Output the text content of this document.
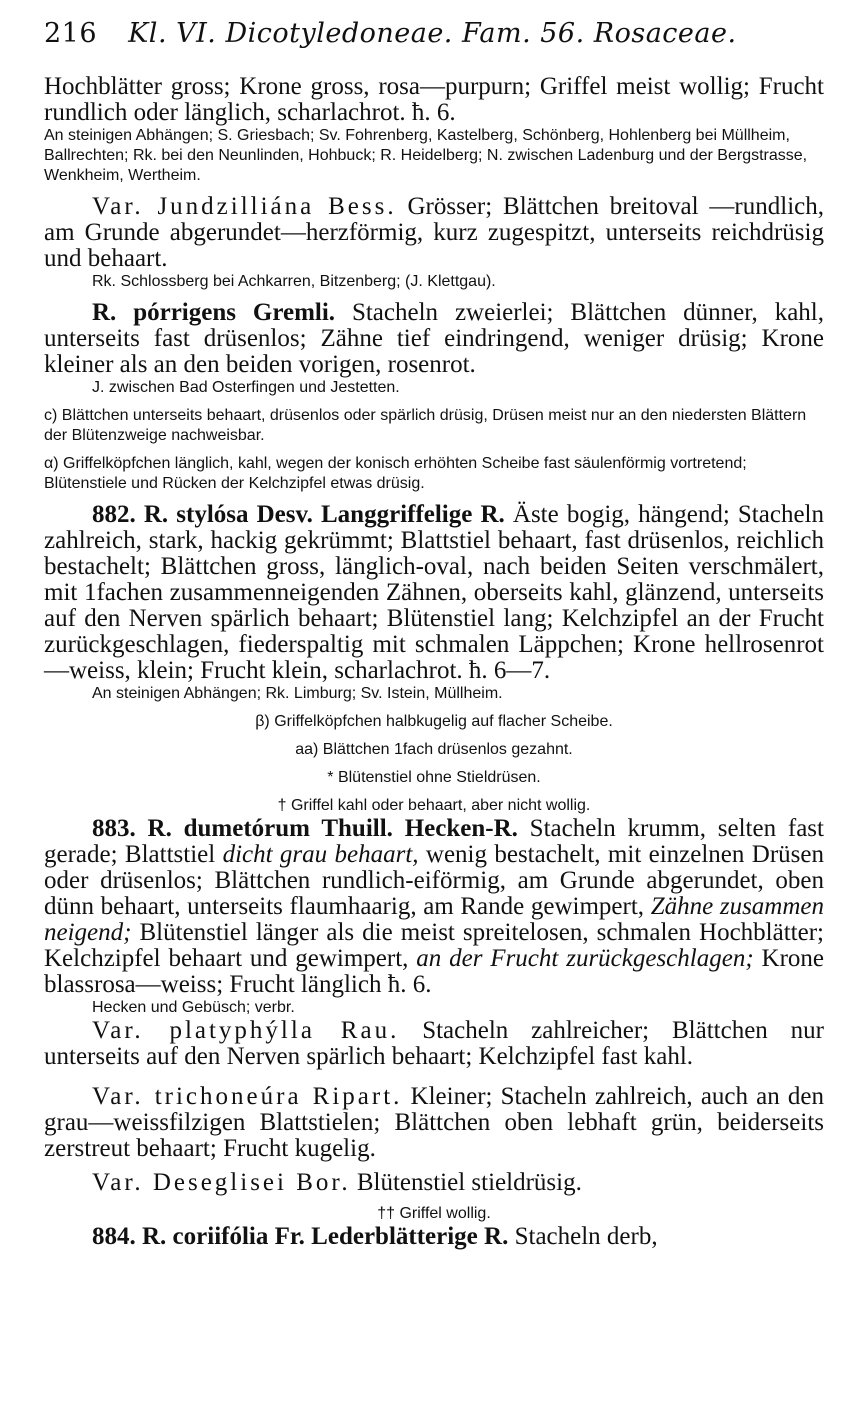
216 Kl. VI. Dicotyledoneae. Fam. 56. Rosaceae.

Hochblätter gross; Krone gross, rosa—purpurn; Griffel meist wollig; Frucht rundlich oder länglich, scharlachrot. ħ. 6.

An steinigen Abhängen; S. Griesbach; Sv. Fohrenberg, Kastelberg, Schönberg, Hohlenberg bei Müllheim, Ballrechten; Rk. bei den Neunlinden, Hohbuck; R. Heidelberg; N. zwischen Ladenburg und der Bergstrasse, Wenkheim, Wertheim.

Var. Jundzilliána Bess. Grösser; Blättchen breitoval —rundlich, am Grunde abgerundet—herzförmig, kurz zugespitzt, unterseits reichdrüsig und behaart.

Rk. Schlossberg bei Achkarren, Bitzenberg; (J. Klettgau).

R. pórrigens Gremli. Stacheln zweierlei; Blättchen dünner, kahl, unterseits fast drüsenlos; Zähne tief eindringend, weniger drüsig; Krone kleiner als an den beiden vorigen, rosenrot.

J. zwischen Bad Osterfingen und Jestetten.

c) Blättchen unterseits behaart, drüsenlos oder spärlich drüsig, Drüsen meist nur an den niedersten Blättern der Blütenzweige nachweisbar.

α) Griffelköpfchen länglich, kahl, wegen der konisch erhöhten Scheibe fast säulenförmig vortretend; Blütenstiele und Rücken der Kelchzipfel etwas drüsig.

882. R. stylósa Desv. Langgriffelige R. Äste bogig, hängend; Stacheln zahlreich, stark, hackig gekrümmt; Blattstiel behaart, fast drüsenlos, reichlich bestachelt; Blättchen gross, länglich-oval, nach beiden Seiten verschmälert, mit 1fachen zusammenneigenden Zähnen, oberseits kahl, glänzend, unterseits auf den Nerven spärlich behaart; Blütenstiel lang; Kelchzipfel an der Frucht zurückgeschlagen, fiederspaltig mit schmalen Läppchen; Krone hellrosenrot—weiss, klein; Frucht klein, scharlachrot. ħ. 6—7.

An steinigen Abhängen; Rk. Limburg; Sv. Istein, Müllheim.

β) Griffelköpfchen halbkugelig auf flacher Scheibe.

aa) Blättchen 1fach drüsenlos gezahnt.

* Blütenstiel ohne Stieldrüsen.

† Griffel kahl oder behaart, aber nicht wollig.

883. R. dumetórum Thuill. Hecken-R. Stacheln krumm, selten fast gerade; Blattstiel dicht grau behaart, wenig bestachelt, mit einzelnen Drüsen oder drüsenlos; Blättchen rundlich-eiförmig, am Grunde abgerundet, oben dünn behaart, unterseits flaumhaarig, am Rande gewimpert, Zähne zusammen neigend; Blütenstiel länger als die meist spreitelosen, schmalen Hochblätter; Kelchzipfel behaart und gewimpert, an der Frucht zurückgeschlagen; Krone blassrosa—weiss; Frucht länglich ħ. 6.

Hecken und Gebüsch; verbr.

Var. platyphýlla Rau. Stacheln zahlreicher; Blättchen nur unterseits auf den Nerven spärlich behaart; Kelchzipfel fast kahl.

Var. trichoneúra Ripart. Kleiner; Stacheln zahlreich, auch an den grau—weissfilzigen Blattstielen; Blättchen oben lebhaft grün, beiderseits zerstreut behaart; Frucht kugelig.

Var. Deseglisei Bor. Blütenstiel stieldrüsig.

†† Griffel wollig.

884. R. coriifólia Fr. Lederblätterige R. Stacheln derb,
